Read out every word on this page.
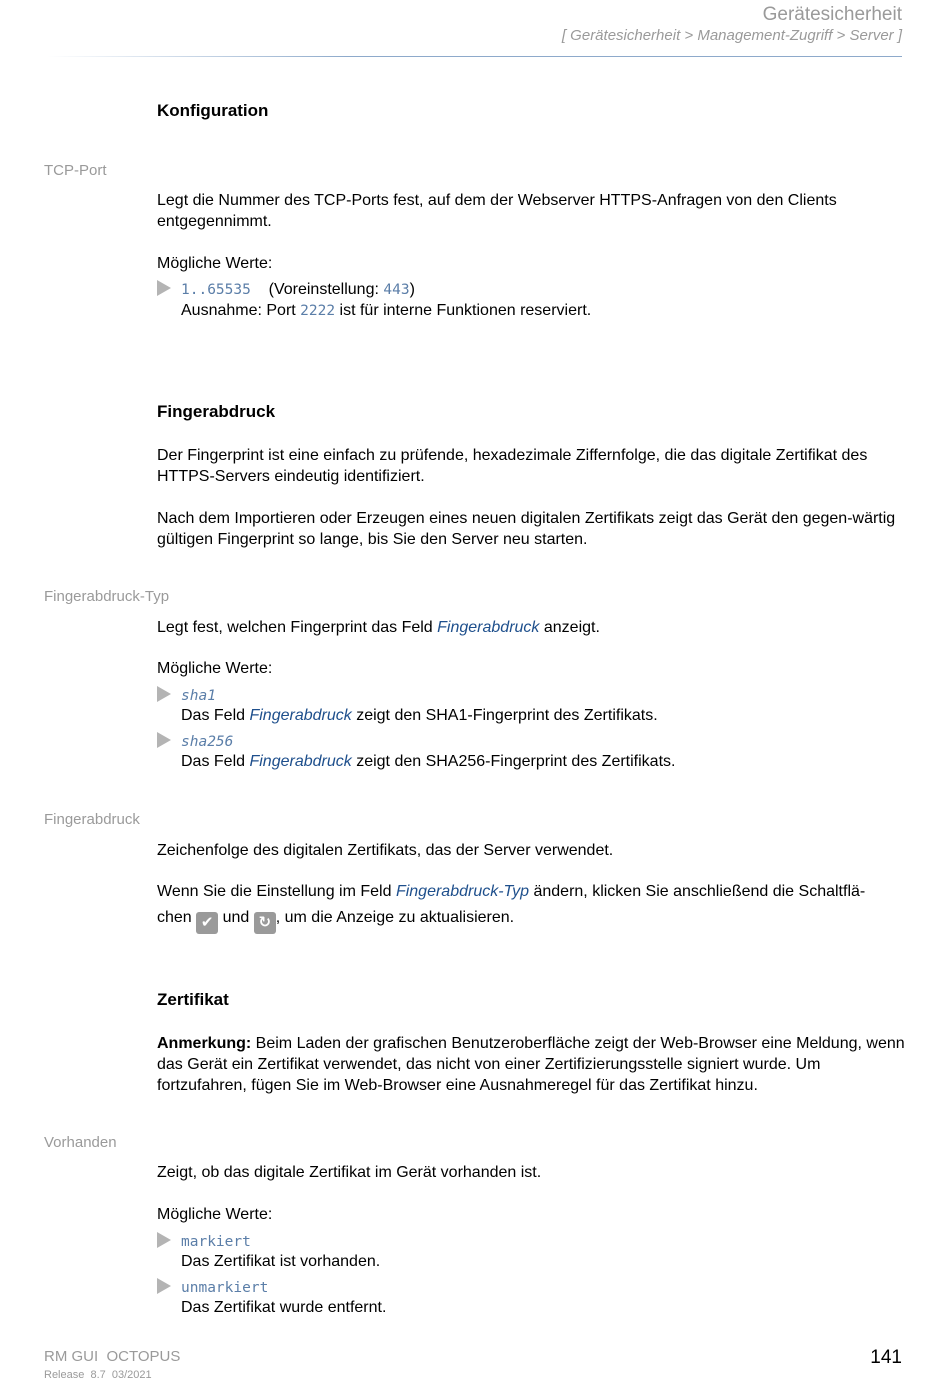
Gerätesicherheit
[ Gerätesicherheit > Management-Zugriff > Server ]
Konfiguration
TCP-Port
Legt die Nummer des TCP-Ports fest, auf dem der Webserver HTTPS-Anfragen von den Clients entgegennimmt.
Mögliche Werte:
1..65535 (Voreinstellung: 443)
Ausnahme: Port 2222 ist für interne Funktionen reserviert.
Fingerabdruck
Der Fingerprint ist eine einfach zu prüfende, hexadezimale Ziffernfolge, die das digitale Zertifikat des HTTPS-Servers eindeutig identifiziert.
Nach dem Importieren oder Erzeugen eines neuen digitalen Zertifikats zeigt das Gerät den gegen-wärtig gültigen Fingerprint so lange, bis Sie den Server neu starten.
Fingerabdruck-Typ
Legt fest, welchen Fingerprint das Feld Fingerabdruck anzeigt.
Mögliche Werte:
sha1
Das Feld Fingerabdruck zeigt den SHA1-Fingerprint des Zertifikats.
sha256
Das Feld Fingerabdruck zeigt den SHA256-Fingerprint des Zertifikats.
Fingerabdruck
Zeichenfolge des digitalen Zertifikats, das der Server verwendet.
Wenn Sie die Einstellung im Feld Fingerabdruck-Typ ändern, klicken Sie anschließend die Schaltflä-
chen ✔ und ↻ , um die Anzeige zu aktualisieren.
Zertifikat
Anmerkung: Beim Laden der grafischen Benutzeroberfläche zeigt der Web-Browser eine Meldung, wenn das Gerät ein Zertifikat verwendet, das nicht von einer Zertifizierungsstelle signiert wurde. Um fortzufahren, fügen Sie im Web-Browser eine Ausnahmeregel für das Zertifikat hinzu.
Vorhanden
Zeigt, ob das digitale Zertifikat im Gerät vorhanden ist.
Mögliche Werte:
markiert
Das Zertifikat ist vorhanden.
unmarkiert
Das Zertifikat wurde entfernt.
RM GUI  OCTOPUS
Release  8.7  03/2021
141
